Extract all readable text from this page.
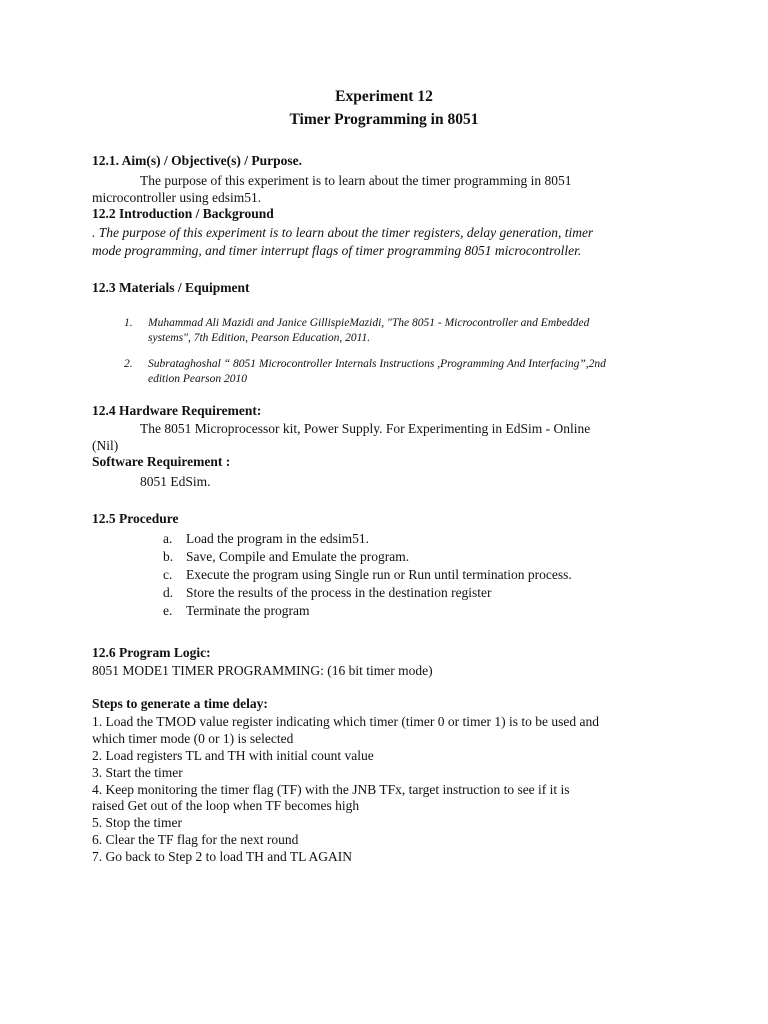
Experiment 12
Timer Programming in 8051
12.1. Aim(s) / Objective(s) / Purpose.
The purpose of this experiment is to learn about the timer programming in 8051
microcontroller using edsim51.
12.2 Introduction / Background
. The purpose of this experiment is to learn about the timer registers, delay generation, timer
mode programming, and timer interrupt flags of timer programming 8051 microcontroller.
12.3 Materials / Equipment
1. Muhammad Ali Mazidi and Janice GillispieMazidi, "The 8051 - Microcontroller and Embedded
systems", 7th Edition, Pearson Education, 2011.
2. Subrataghoshal “ 8051 Microcontroller Internals Instructions ,Programming And Interfacing”,2nd
edition Pearson 2010
12.4 Hardware Requirement:
The 8051 Microprocessor kit, Power Supply. For Experimenting in EdSim - Online
(Nil)
Software Requirement :
8051 EdSim.
12.5 Procedure
a. Load the program in the edsim51.
b. Save, Compile and Emulate the program.
c. Execute the program using Single run or Run until termination process.
d. Store the results of the process in the destination register
e. Terminate the program
12.6 Program Logic:
8051 MODE1 TIMER PROGRAMMING: (16 bit timer mode)
Steps to generate a time delay:
1. Load the TMOD value register indicating which timer (timer 0 or timer 1) is to be used and
which timer mode (0 or 1) is selected
2. Load registers TL and TH with initial count value
3. Start the timer
4. Keep monitoring the timer flag (TF) with the JNB TFx, target instruction to see if it is
raised Get out of the loop when TF becomes high
5. Stop the timer
6. Clear the TF flag for the next round
7. Go back to Step 2 to load TH and TL AGAIN
